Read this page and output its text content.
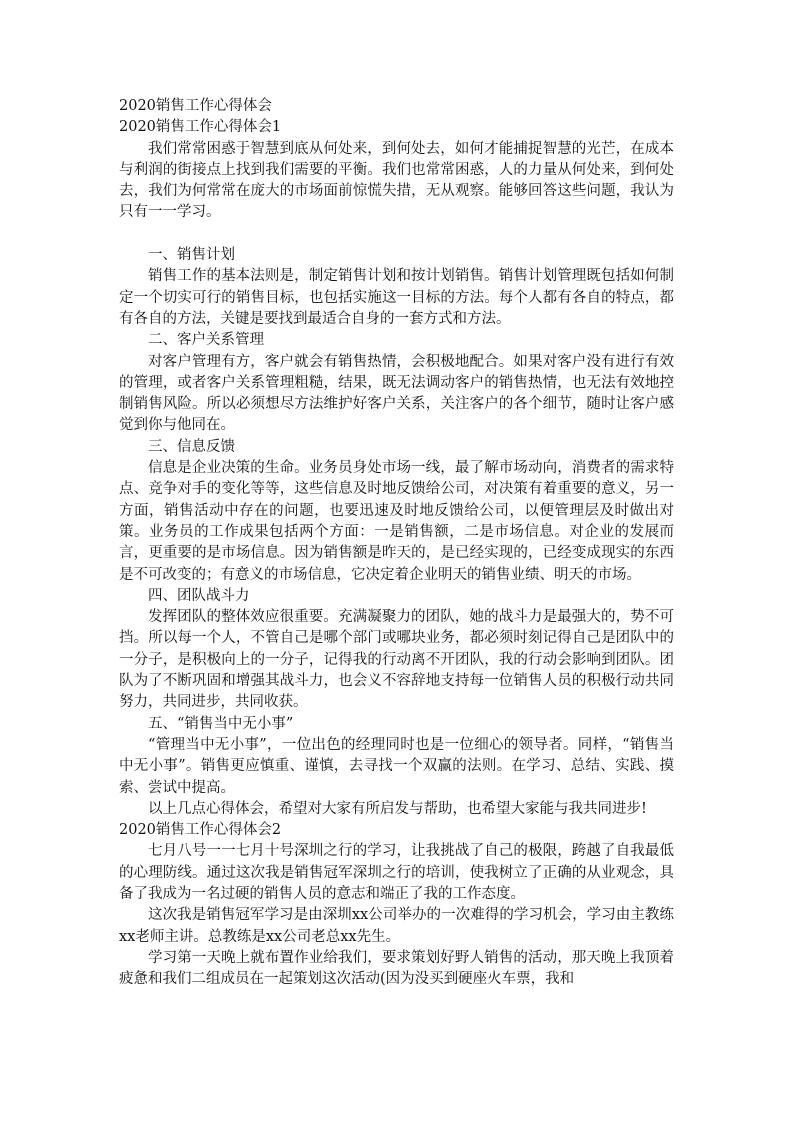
2020销售工作心得体会

2020销售工作心得体会1

我们常常困惑于智慧到底从何处来，到何处去，如何才能捕捉智慧的光芒，在成本与利润的街接点上找到我们需要的平衡。我们也常常困惑，人的力量从何处来，到何处去，我们为何常常在庞大的市场面前惊慌失措，无从观察。能够回答这些问题，我认为只有一一学习。

一、销售计划

销售工作的基本法则是，制定销售计划和按计划销售。销售计划管理既包括如何制定一个切实可行的销售目标，也包括实施这一目标的方法。每个人都有各自的特点，都有各自的方法，关键是要找到最适合自身的一套方式和方法。

二、客户关系管理

对客户管理有方，客户就会有销售热情，会积极地配合。如果对客户没有进行有效的管理，或者客户关系管理粗糙，结果，既无法调动客户的销售热情，也无法有效地控制销售风险。所以必须想尽方法维护好客户关系，关注客户的各个细节，随时让客户感觉到你与他同在。

三、信息反馈

信息是企业决策的生命。业务员身处市场一线，最了解市场动向，消费者的需求特点、竞争对手的变化等等，这些信息及时地反馈给公司，对决策有着重要的意义，另一方面，销售活动中存在的问题，也要迅速及时地反馈给公司，以便管理层及时做出对策。业务员的工作成果包括两个方面：一是销售额，二是市场信息。对企业的发展而言，更重要的是市场信息。因为销售额是昨天的，是已经实现的，已经变成现实的东西是不可改变的；有意义的市场信息，它决定着企业明天的销售业绩、明天的市场。

四、团队战斗力

发挥团队的整体效应很重要。充满凝聚力的团队，她的战斗力是最强大的，势不可挡。所以每一个人，不管自己是哪个部门或哪块业务，都必须时刻记得自己是团队中的一分子，是积极向上的一分子，记得我的行动离不开团队，我的行动会影响到团队。团队为了不断巩固和增强其战斗力，也会义不容辞地支持每一位销售人员的积极行动共同努力，共同进步，共同收获。

五、“销售当中无小事”

“管理当中无小事”，一位出色的经理同时也是一位细心的领导者。同样，“销售当中无小事”。销售更应慎重、谨慎，去寻找一个双赢的法则。在学习、总结、实践、摸索、尝试中提高。

以上几点心得体会，希望对大家有所启发与帮助，也希望大家能与我共同进步!

2020销售工作心得体会2

七月八号一一七月十号深圳之行的学习，让我挑战了自己的极限，跨越了自我最低的心理防线。通过这次我是销售冠军深圳之行的培训，使我树立了正确的从业观念，具备了我成为一名过硬的销售人员的意志和端正了我的工作态度。

这次我是销售冠军学习是由深圳xx公司举办的一次难得的学习机会，学习由主教练xx老师主讲。总教练是xx公司老总xx先生。

学习第一天晚上就布置作业给我们，要求策划好野人销售的活动，那天晚上我顶着疲惫和我们二组成员在一起策划这次活动(因为没买到硬座火车票，我和
